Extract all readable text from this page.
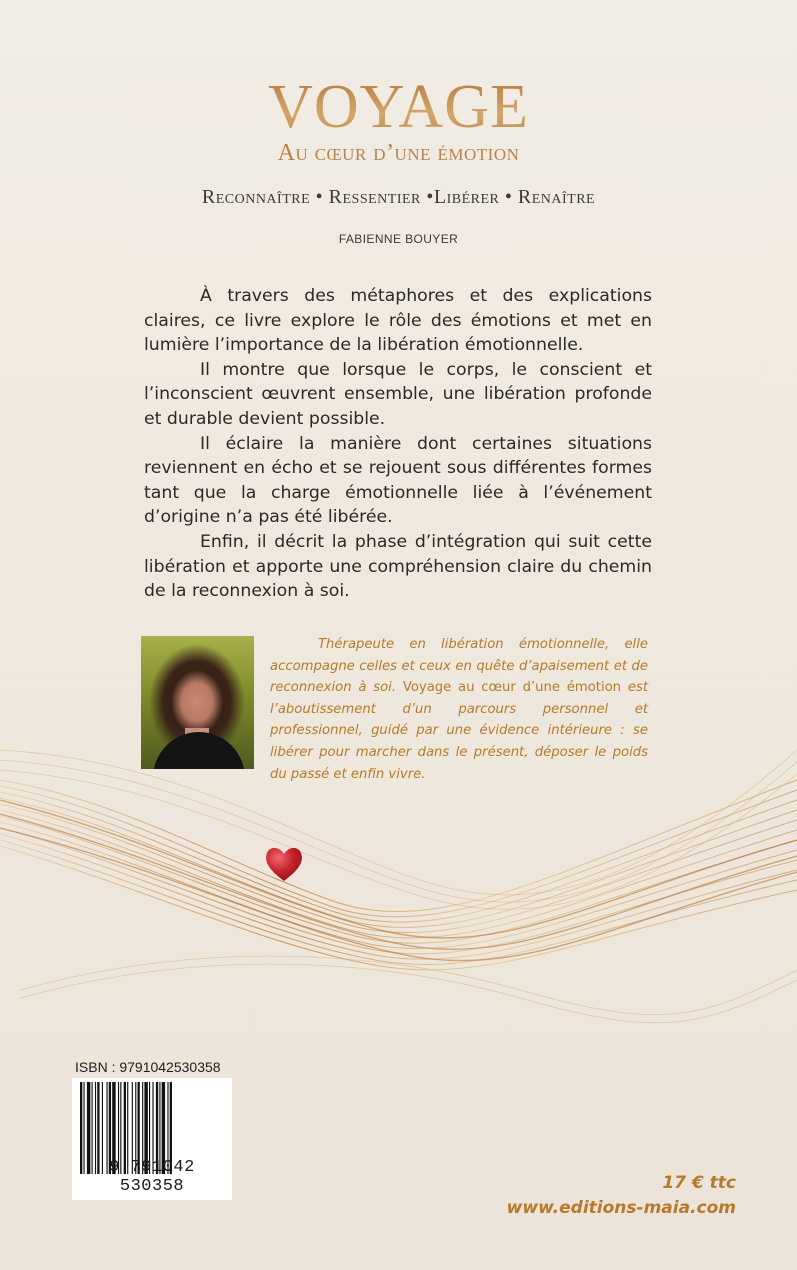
VOYAGE
Au cœur d’une émotion
Reconnaître • Ressentier •Libérer • Renaître
FABIENNE BOUYER

À travers des métaphores et des explications claires, ce livre explore le rôle des émotions et met en lumière l’importance de la libération émotionnelle.

Il montre que lorsque le corps, le conscient et l’inconscient œuvrent ensemble, une libération profonde et durable devient possible.

Il éclaire la manière dont certaines situations reviennent en écho et se rejouent sous différentes formes tant que la charge émotionnelle liée à l’événement d’origine n’a pas été libérée.

Enfin, il décrit la phase d’intégration qui suit cette libération et apporte une compréhension claire du chemin de la reconnexion à soi.

Thérapeute en libération émotionnelle, elle accompagne celles et ceux en quête d’apaisement et de reconnexion à soi. Voyage au cœur d’une émotion est l’aboutissement d’un parcours personnel et professionnel, guidé par une évidence intérieure : se libérer pour marcher dans le présent, déposer le poids du passé et enfin vivre.
ISBN : 9791042530358
9 791042 530358	17 € ttc
www.editions-maia.com
